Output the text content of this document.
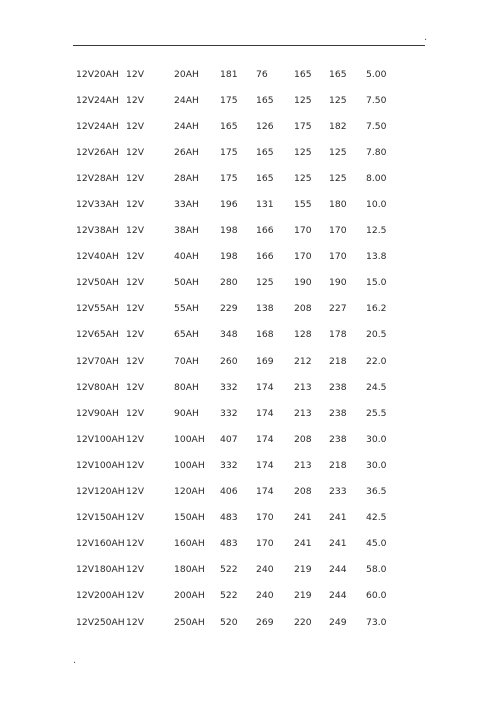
.
12V20AH	12V	20AH	181	76	165	165	5.00
12V24AH	12V	24AH	175	165	125	125	7.50
12V24AH	12V	24AH	165	126	175	182	7.50
12V26AH	12V	26AH	175	165	125	125	7.80
12V28AH	12V	28AH	175	165	125	125	8.00
12V33AH	12V	33AH	196	131	155	180	10.0
12V38AH	12V	38AH	198	166	170	170	12.5
12V40AH	12V	40AH	198	166	170	170	13.8
12V50AH	12V	50AH	280	125	190	190	15.0
12V55AH	12V	55AH	229	138	208	227	16.2
12V65AH	12V	65AH	348	168	128	178	20.5
12V70AH	12V	70AH	260	169	212	218	22.0
12V80AH	12V	80AH	332	174	213	238	24.5
12V90AH	12V	90AH	332	174	213	238	25.5
12V100AH	12V	100AH	407	174	208	238	30.0
12V100AH	12V	100AH	332	174	213	218	30.0
12V120AH	12V	120AH	406	174	208	233	36.5
12V150AH	12V	150AH	483	170	241	241	42.5
12V160AH	12V	160AH	483	170	241	241	45.0
12V180AH	12V	180AH	522	240	219	244	58.0
12V200AH	12V	200AH	522	240	219	244	60.0
12V250AH	12V	250AH	520	269	220	249	73.0
.
